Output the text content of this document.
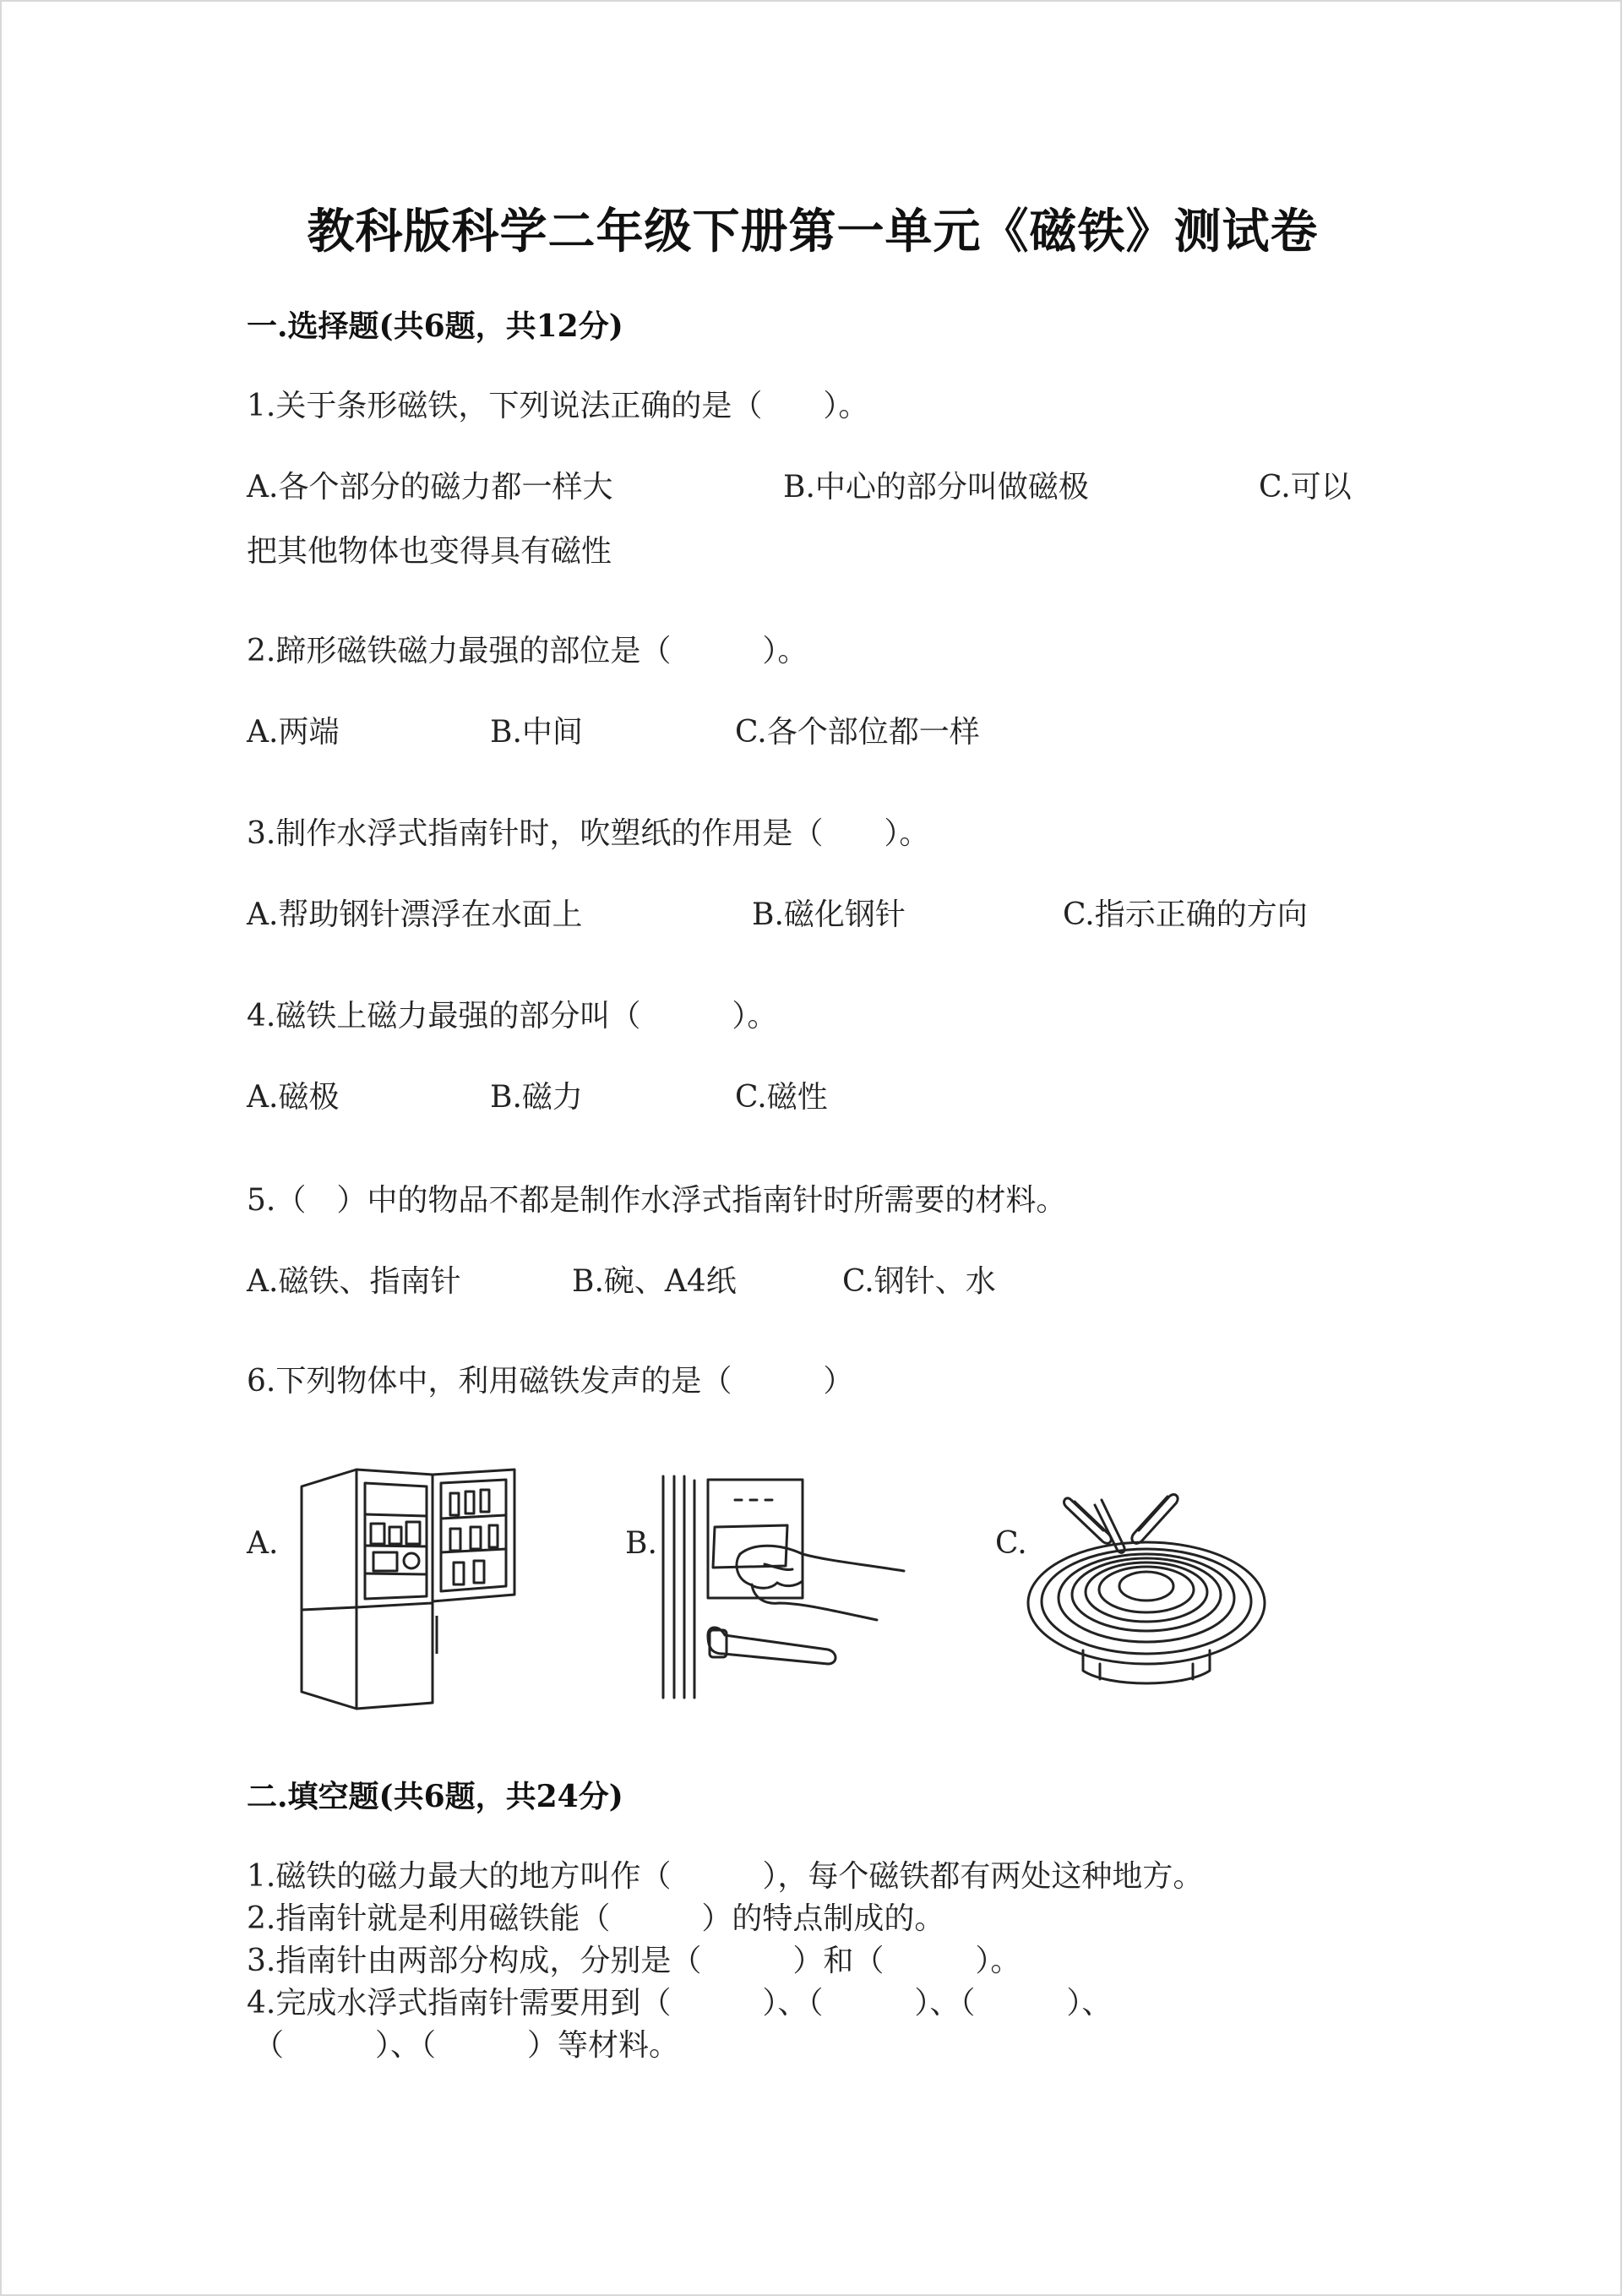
教科版科学二年级下册第一单元《磁铁》测试卷
一.选择题(共6题，共12分)
1.关于条形磁铁，下列说法正确的是（　　）。
A.各个部分的磁力都一样大	B.中心的部分叫做磁极	C.可以
把其他物体也变得具有磁性
2.蹄形磁铁磁力最强的部位是（　　　）。
A.两端	B.中间	C.各个部位都一样
3.制作水浮式指南针时，吹塑纸的作用是（　　）。
A.帮助钢针漂浮在水面上	B.磁化钢针	C.指示正确的方向
4.磁铁上磁力最强的部分叫（　　　）。
A.磁极	B.磁力	C.磁性
5.（　）中的物品不都是制作水浮式指南针时所需要的材料。
A.磁铁、指南针	B.碗、A4纸	C.钢针、水
6.下列物体中，利用磁铁发声的是（　　　）
A.	B.	C.
二.填空题(共6题，共24分)
1.磁铁的磁力最大的地方叫作（　　　），每个磁铁都有两处这种地方。
2.指南针就是利用磁铁能（　　　）的特点制成的。
3.指南针由两部分构成，分别是（　　　）和（　　　）。
4.完成水浮式指南针需要用到（　　　）、（　　　）、（　　　）、
（　　　）、（　　　）等材料。
